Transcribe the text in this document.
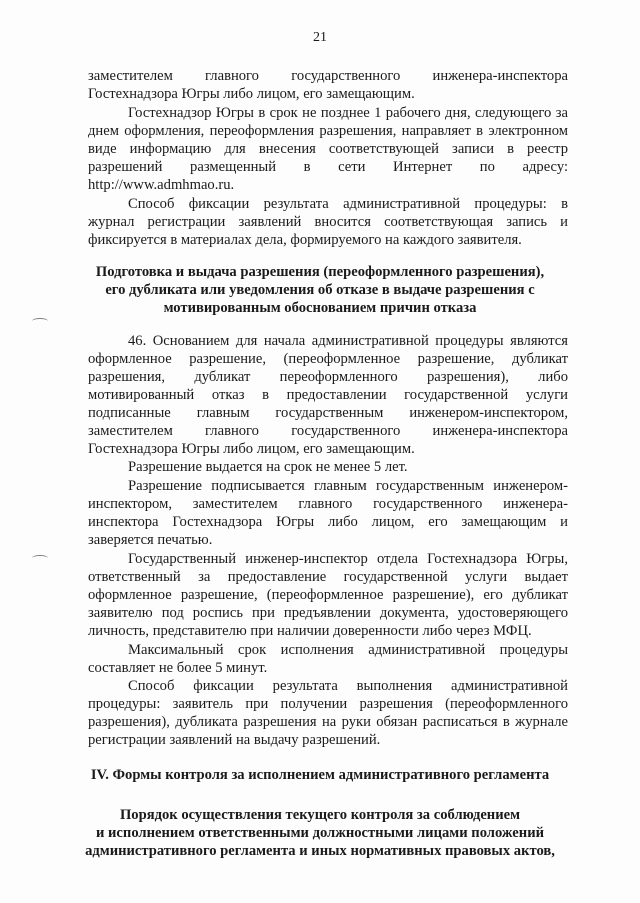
21
заместителем главного государственного инженера-инспектора
Гостехнадзора Югры либо лицом, его замещающим.
Гостехнадзор Югры в срок не позднее 1 рабочего дня, следующего за
днем оформления, переоформления разрешения, направляет в электронном
виде информацию для внесения соответствующей записи в реестр
разрешений размещенный в сети Интернет по адресу:
http://www.admhmao.ru.
Способ фиксации результата административной процедуры: в
журнал регистрации заявлений вносится соответствующая запись и
фиксируется в материалах дела, формируемого на каждого заявителя.
Подготовка и выдача разрешения (переоформленного разрешения),
его дубликата или уведомления об отказе в выдаче разрешения с
мотивированным обоснованием причин отказа
46. Основанием для начала административной процедуры являются
оформленное разрешение, (переоформленное разрешение, дубликат
разрешения, дубликат переоформленного разрешения), либо
мотивированный отказ в предоставлении государственной услуги
подписанные главным государственным инженером-инспектором,
заместителем главного государственного инженера-инспектора
Гостехнадзора Югры либо лицом, его замещающим.
Разрешение выдается на срок не менее 5 лет.
Разрешение подписывается главным государственным инженером-
инспектором, заместителем главного государственного инженера-
инспектора Гостехнадзора Югры либо лицом, его замещающим и
заверяется печатью.
Государственный инженер-инспектор отдела Гостехнадзора Югры,
ответственный за предоставление государственной услуги выдает
оформленное разрешение, (переоформленное разрешение), его дубликат
заявителю под роспись при предъявлении документа, удостоверяющего
личность, представителю при наличии доверенности либо через МФЦ.
Максимальный срок исполнения административной процедуры
составляет не более 5 минут.
Способ фиксации результата выполнения административной
процедуры: заявитель при получении разрешения (переоформленного
разрешения), дубликата разрешения на руки обязан расписаться в журнале
регистрации заявлений на выдачу разрешений.
IV. Формы контроля за исполнением административного регламента
Порядок осуществления текущего контроля за соблюдением
и исполнением ответственными должностными лицами положений
административного регламента и иных нормативных правовых актов,
